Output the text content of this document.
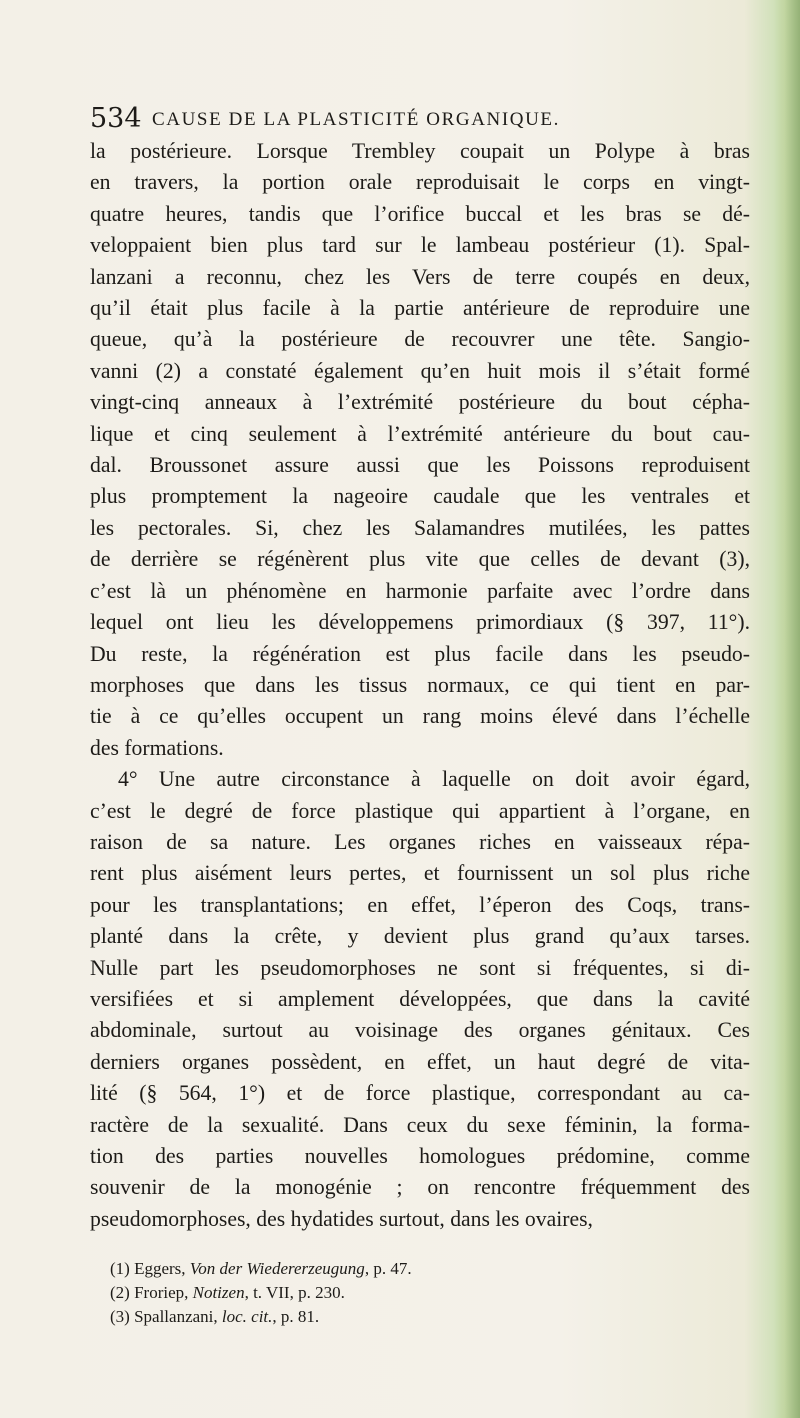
534 CAUSE DE LA PLASTICITÉ ORGANIQUE.
la postérieure. Lorsque Trembley coupait un Polype à bras
en travers, la portion orale reproduisait le corps en vingt-
quatre heures, tandis que l’orifice buccal et les bras se dé-
veloppaient bien plus tard sur le lambeau postérieur (1). Spal-
lanzani a reconnu, chez les Vers de terre coupés en deux,
qu’il était plus facile à la partie antérieure de reproduire une
queue, qu’à la postérieure de recouvrer une tête. Sangio-
vanni (2) a constaté également qu’en huit mois il s’était formé
vingt-cinq anneaux à l’extrémité postérieure du bout cépha-
lique et cinq seulement à l’extrémité antérieure du bout cau-
dal. Broussonet assure aussi que les Poissons reproduisent
plus promptement la nageoire caudale que les ventrales et
les pectorales. Si, chez les Salamandres mutilées, les pattes
de derrière se régénèrent plus vite que celles de devant (3),
c’est là un phénomène en harmonie parfaite avec l’ordre dans
lequel ont lieu les développemens primordiaux (§ 397, 11°).
Du reste, la régénération est plus facile dans les pseudo-
morphoses que dans les tissus normaux, ce qui tient en par-
tie à ce qu’elles occupent un rang moins élevé dans l’échelle
des formations.
4° Une autre circonstance à laquelle on doit avoir égard,
c’est le degré de force plastique qui appartient à l’organe, en
raison de sa nature. Les organes riches en vaisseaux répa-
rent plus aisément leurs pertes, et fournissent un sol plus riche
pour les transplantations; en effet, l’éperon des Coqs, trans-
planté dans la crête, y devient plus grand qu’aux tarses.
Nulle part les pseudomorphoses ne sont si fréquentes, si di-
versifiées et si amplement développées, que dans la cavité
abdominale, surtout au voisinage des organes génitaux. Ces
derniers organes possèdent, en effet, un haut degré de vita-
lité (§ 564, 1°) et de force plastique, correspondant au ca-
ractère de la sexualité. Dans ceux du sexe féminin, la forma-
tion des parties nouvelles homologues prédomine, comme
souvenir de la monogénie ; on rencontre fréquemment des
pseudomorphoses, des hydatides surtout, dans les ovaires,
(1) Eggers, Von der Wiedererzeugung, p. 47.
(2) Froriep, Notizen, t. VII, p. 230.
(3) Spallanzani, loc. cit., p. 81.
